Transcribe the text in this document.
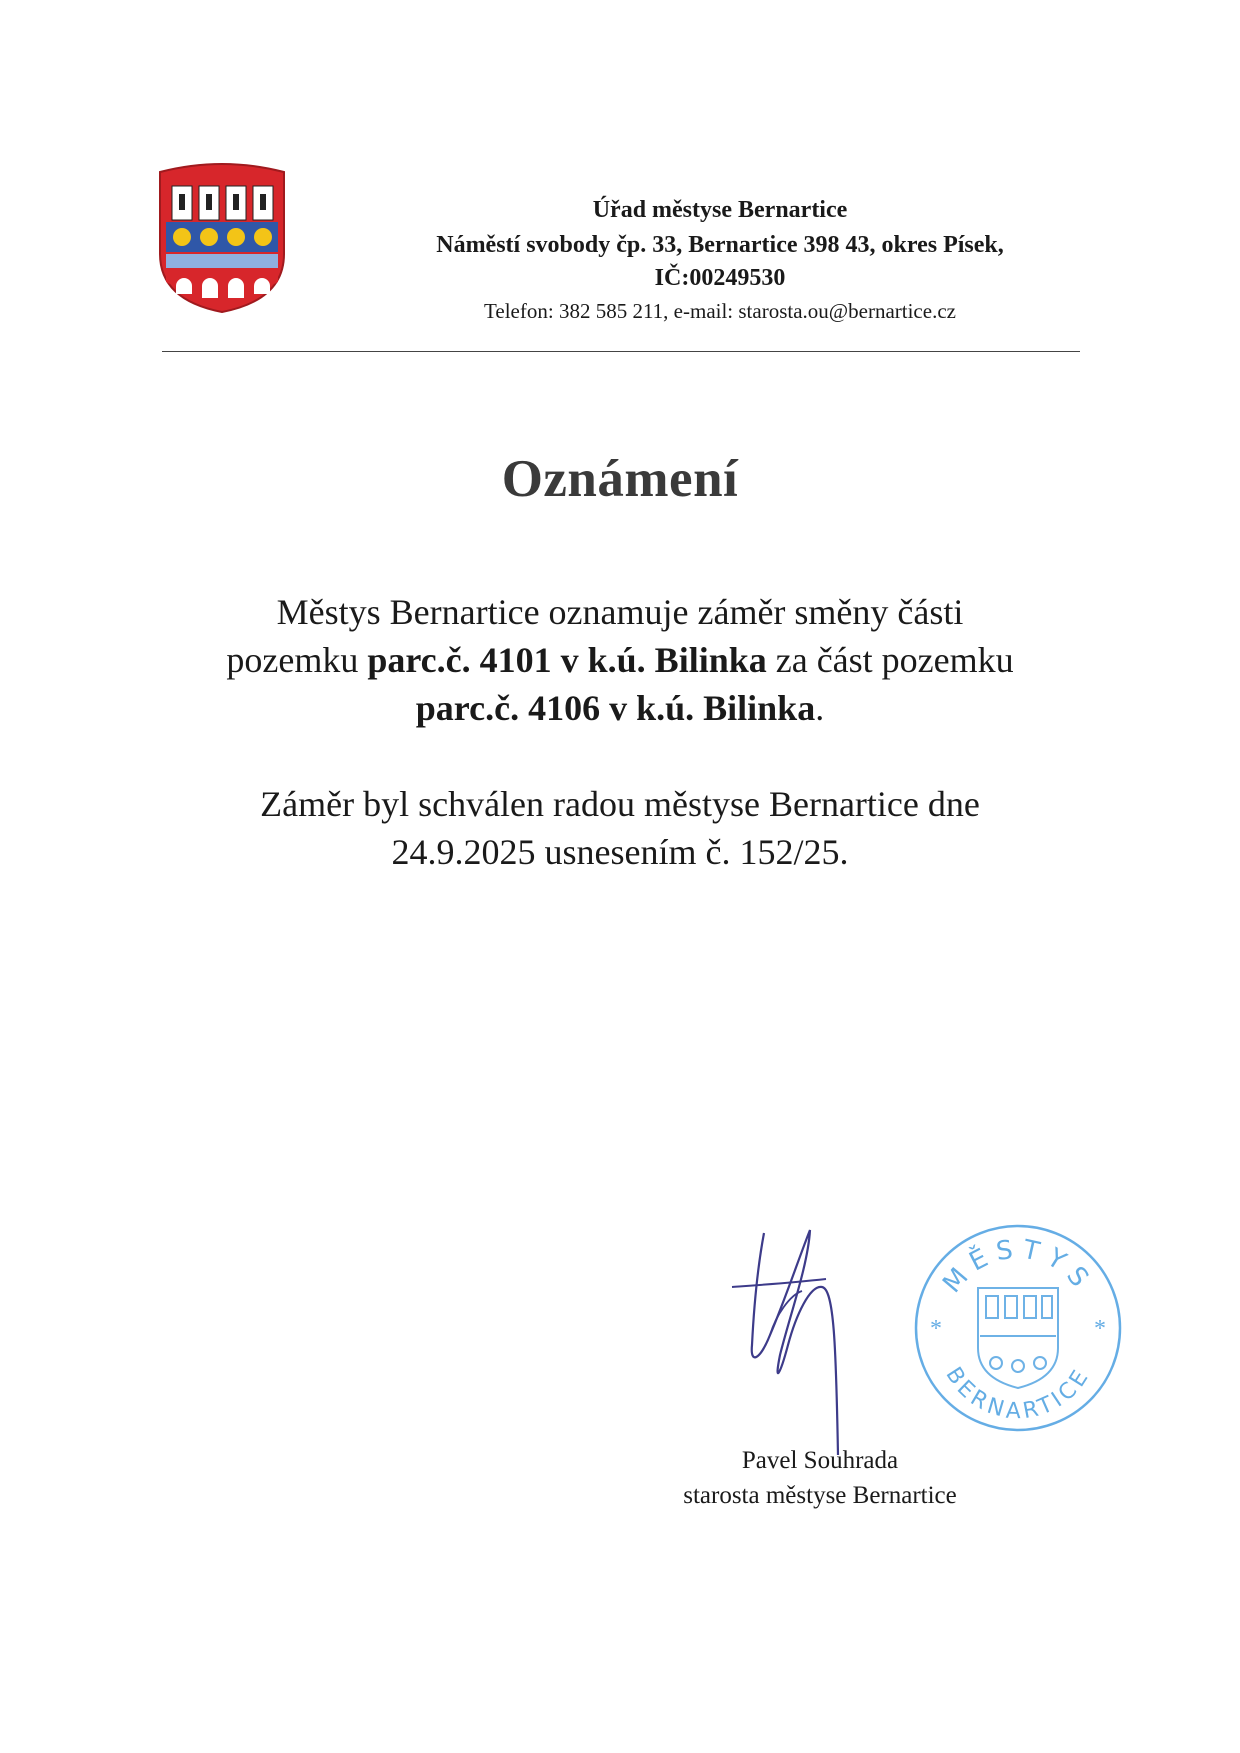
Úřad městyse Bernartice
Náměstí svobody čp. 33, Bernartice 398 43, okres Písek,
IČ:00249530
Telefon: 382 585 211, e-mail: starosta.ou@bernartice.cz
Oznámení
Městys Bernartice oznamuje záměr směny části
pozemku parc.č. 4101 v k.ú. Bilinka za část pozemku
parc.č. 4106 v k.ú. Bilinka.
Záměr byl schválen radou městyse Bernartice dne
24.9.2025 usnesením č. 152/25.
MĚSTYS
BERNARTICE
*	*
Pavel Souhrada
starosta městyse Bernartice
